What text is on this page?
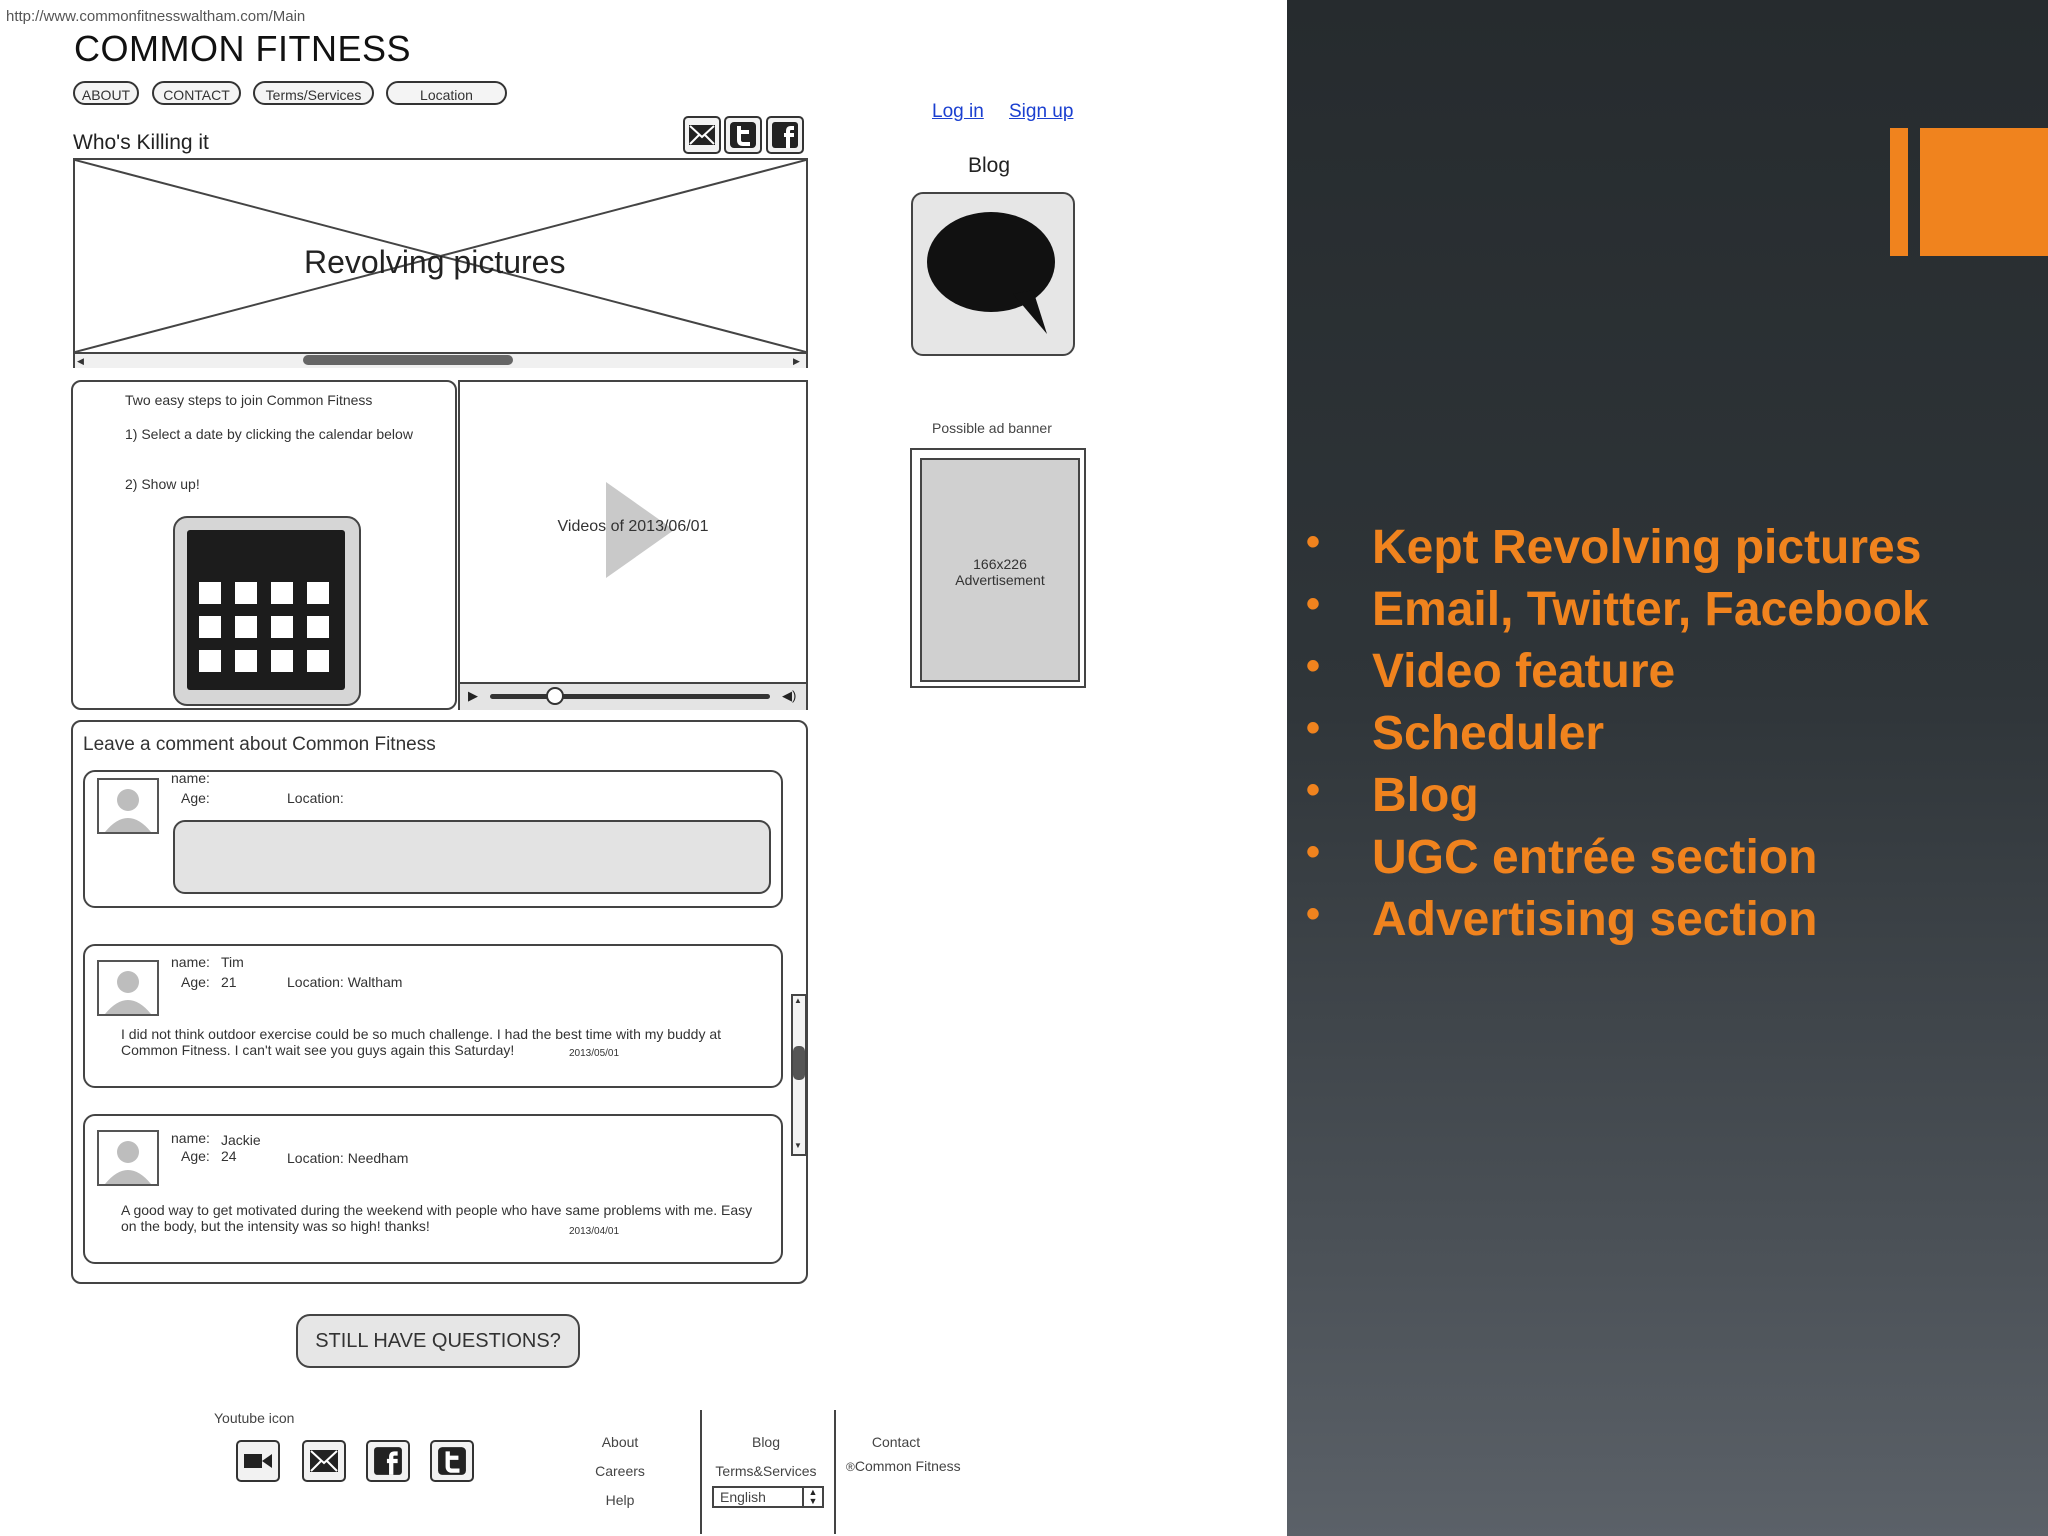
http://www.commonfitnesswaltham.com/Main
COMMON FITNESS
ABOUT	CONTACT	Terms/Services	Location
Log in Sign up
Who's Killing it
Revolving pictures
◀	▶
Blog
Possible ad banner
166x226
Advertisement
Two easy steps to join Common Fitness
1) Select a date by clicking the calendar below
2) Show up!
Videos of 2013/06/01
▶	◀)
Leave a comment about Common Fitness
name:
Age:	Location:
name: Tim
Age: 21	Location: Waltham
I did not think outdoor exercise could be so much challenge. I had the best time with my buddy at Common Fitness. I can't wait see you guys again this Saturday!	2013/05/01
name: Jackie
Age: 24	Location: Needham
A good way to get motivated during the weekend with people who have same problems with me. Easy on the body, but the intensity was so high! thanks!	2013/04/01
▲
▼
STILL HAVE QUESTIONS?
Youtube icon
About
Careers
Help
Blog
Terms&Services
English	▲
▼
Contact
®Common Fitness
• Kept Revolving pictures
• Email, Twitter, Facebook
• Video feature
• Scheduler
• Blog
• UGC entrée section
• Advertising section
